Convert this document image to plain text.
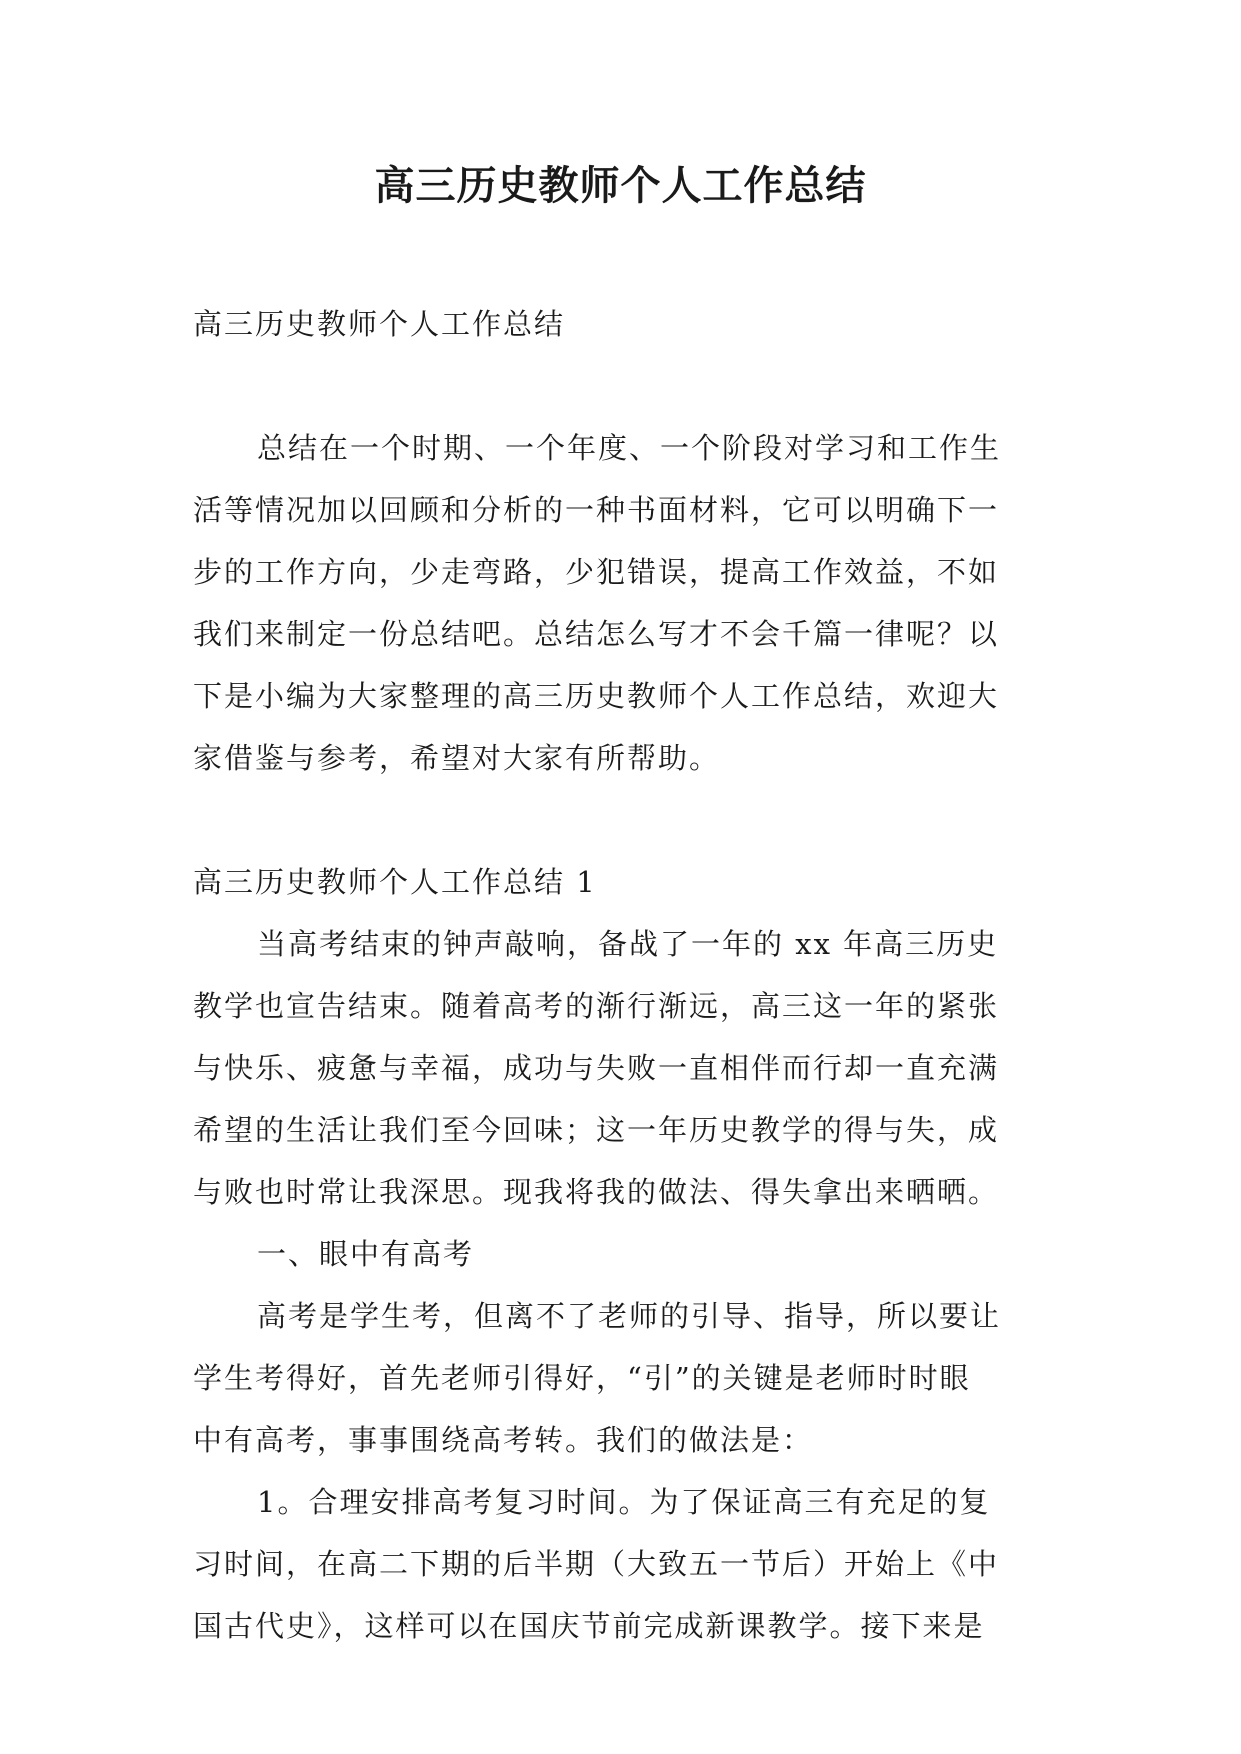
高三历史教师个人工作总结
高三历史教师个人工作总结
总结在一个时期、一个年度、一个阶段对学习和工作生
活等情况加以回顾和分析的一种书面材料，它可以明确下一
步的工作方向，少走弯路，少犯错误，提高工作效益，不如
我们来制定一份总结吧。总结怎么写才不会千篇一律呢？以
下是小编为大家整理的高三历史教师个人工作总结，欢迎大
家借鉴与参考，希望对大家有所帮助。
高三历史教师个人工作总结 1
当高考结束的钟声敲响，备战了一年的 xx 年高三历史
教学也宣告结束。随着高考的渐行渐远，高三这一年的紧张
与快乐、疲惫与幸福，成功与失败一直相伴而行却一直充满
希望的生活让我们至今回味；这一年历史教学的得与失，成
与败也时常让我深思。现我将我的做法、得失拿出来晒晒。
一、眼中有高考
高考是学生考，但离不了老师的引导、指导，所以要让
学生考得好，首先老师引得好，“引”的关键是老师时时眼
中有高考，事事围绕高考转。我们的做法是：
1。合理安排高考复习时间。为了保证高三有充足的复
习时间，在高二下期的后半期（大致五一节后）开始上《中
国古代史》，这样可以在国庆节前完成新课教学。接下来是
